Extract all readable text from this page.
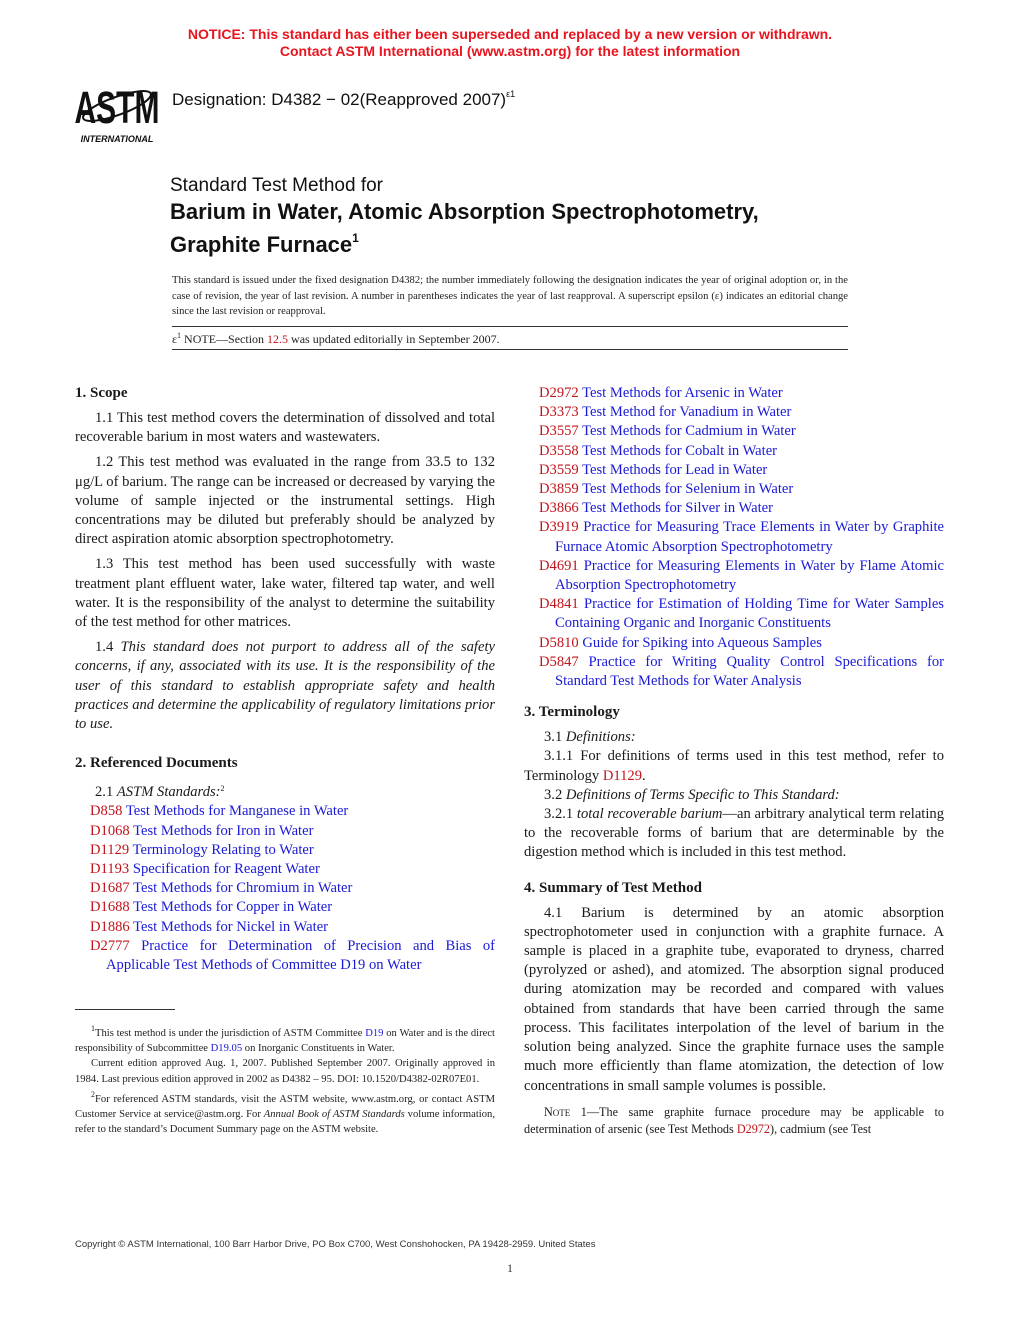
NOTICE: This standard has either been superseded and replaced by a new version or withdrawn.
Contact ASTM International (www.astm.org) for the latest information
ASTM
INTERNATIONAL
Designation: D4382 − 02(Reapproved 2007)$^{\varepsilon 1}$
Standard Test Method for
Barium in Water, Atomic Absorption Spectrophotometry,
Graphite Furnace$^1$
This standard is issued under the fixed designation D4382; the number immediately following the designation indicates the year of original adoption or, in the case of revision, the year of last revision. A number in parentheses indicates the year of last reapproval. A superscript epsilon (ε) indicates an editorial change since the last revision or reapproval.
ε$^1$ NOTE—Section 12.5 was updated editorially in September 2007.
1. Scope

1.1 This test method covers the determination of dissolved and total recoverable barium in most waters and wastewaters.

1.2 This test method was evaluated in the range from 33.5 to 132 μg/L of barium. The range can be increased or decreased by varying the volume of sample injected or the instrumental settings. High concentrations may be diluted but preferably should be analyzed by direct aspiration atomic absorption spectrophotometry.

1.3 This test method has been used successfully with waste treatment plant effluent water, lake water, filtered tap water, and well water. It is the responsibility of the analyst to determine the suitability of the test method for other matrices.

1.4 This standard does not purport to address all of the safety concerns, if any, associated with its use. It is the responsibility of the user of this standard to establish appropriate safety and health practices and determine the applicability of regulatory limitations prior to use.

2. Referenced Documents

2.1 ASTM Standards:$^2$

D858 Test Methods for Manganese in Water
D1068 Test Methods for Iron in Water
D1129 Terminology Relating to Water
D1193 Specification for Reagent Water
D1687 Test Methods for Chromium in Water
D1688 Test Methods for Copper in Water
D1886 Test Methods for Nickel in Water
D2777 Practice for Determination of Precision and Bias of Applicable Test Methods of Committee D19 on Water

$^1$This test method is under the jurisdiction of ASTM Committee D19 on Water and is the direct responsibility of Subcommittee D19.05 on Inorganic Constituents in Water.

Current edition approved Aug. 1, 2007. Published September 2007. Originally approved in 1984. Last previous edition approved in 2002 as D4382 – 95. DOI: 10.1520/D4382-02R07E01.

$^2$For referenced ASTM standards, visit the ASTM website, www.astm.org, or contact ASTM Customer Service at service@astm.org. For Annual Book of ASTM Standards volume information, refer to the standard’s Document Summary page on the ASTM website.

D2972 Test Methods for Arsenic in Water
D3373 Test Method for Vanadium in Water
D3557 Test Methods for Cadmium in Water
D3558 Test Methods for Cobalt in Water
D3559 Test Methods for Lead in Water
D3859 Test Methods for Selenium in Water
D3866 Test Methods for Silver in Water
D3919 Practice for Measuring Trace Elements in Water by Graphite Furnace Atomic Absorption Spectrophotometry
D4691 Practice for Measuring Elements in Water by Flame Atomic Absorption Spectrophotometry
D4841 Practice for Estimation of Holding Time for Water Samples Containing Organic and Inorganic Constituents
D5810 Guide for Spiking into Aqueous Samples
D5847 Practice for Writing Quality Control Specifications for Standard Test Methods for Water Analysis
3. Terminology

3.1 Definitions:

3.1.1 For definitions of terms used in this test method, refer to Terminology D1129.

3.2 Definitions of Terms Specific to This Standard:

3.2.1 total recoverable barium—an arbitrary analytical term relating to the recoverable forms of barium that are determinable by the digestion method which is included in this test method.

4. Summary of Test Method

4.1 Barium is determined by an atomic absorption spectrophotometer used in conjunction with a graphite furnace. A sample is placed in a graphite tube, evaporated to dryness, charred (pyrolyzed or ashed), and atomized. The absorption signal produced during atomization may be recorded and compared with values obtained from standards that have been carried through the same process. This facilitates interpolation of the level of barium in the solution being analyzed. Since the graphite furnace uses the sample much more efficiently than flame atomization, the detection of low concentrations in small sample volumes is possible.

Note 1—The same graphite furnace procedure may be applicable to determination of arsenic (see Test Methods D2972), cadmium (see Test

Copyright © ASTM International, 100 Barr Harbor Drive, PO Box C700, West Conshohocken, PA 19428-2959. United States
1
